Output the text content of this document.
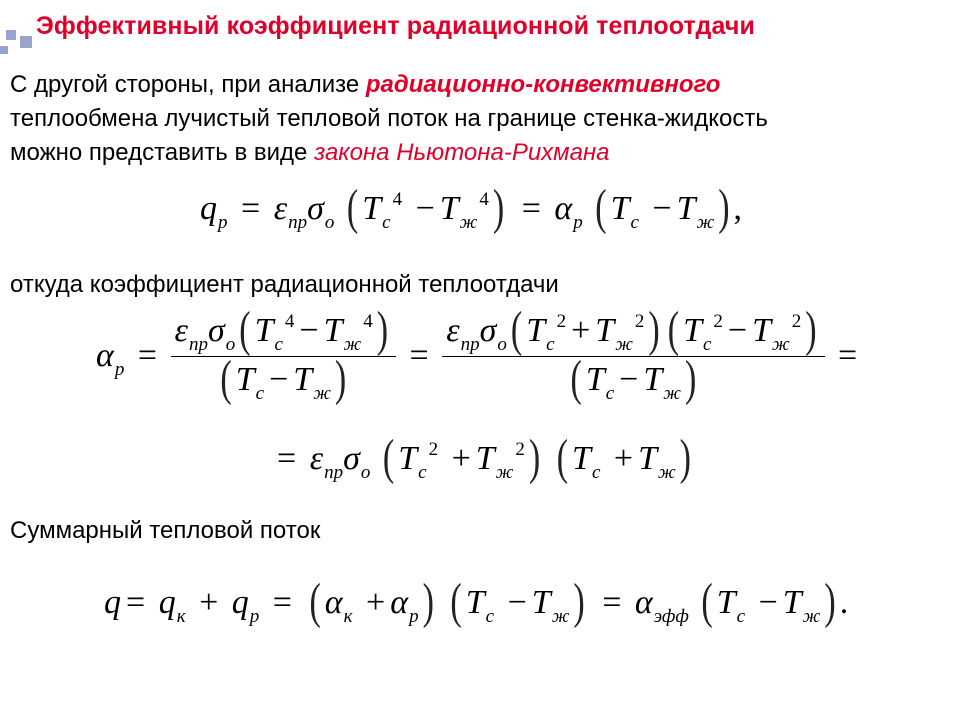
Эффективный коэффициент радиационной теплоотдачи
С другой стороны, при анализе радиационно-конвективного
теплообмена лучистый тепловой поток на границе стенка-жидкость
можно представить в виде закона Ньютона-Рихмана
$q_р = \varepsilon_{пр}\sigma_о$ ( $T_с^4 - T_ж^4$ ) = $\alpha_р$ ( $T_с - T_ж$ ) ,
откуда коэффициент радиационной теплоотдачи
$\alpha_р = \frac{\varepsilon_{пр}\sigma_о ( T_с^4 - T_ж^4 )}{( T_с - T_ж )} = \frac{\varepsilon_{пр}\sigma_о ( T_с^2 + T_ж^2 ) ( T_с^2 - T_ж^2 )}{( T_с - T_ж )}$ =
= $\varepsilon_{пр}\sigma_о$ ( $T_с^2 + T_ж^2$ ) ( $T_с + T_ж$ )
Суммарный тепловой поток
$q = q_к + q_р$ = ( $\alpha_к + \alpha_р$ ) ( $T_с - T_ж$ ) = $\alpha_{эфф}$ ( $T_с - T_ж$ ) .
